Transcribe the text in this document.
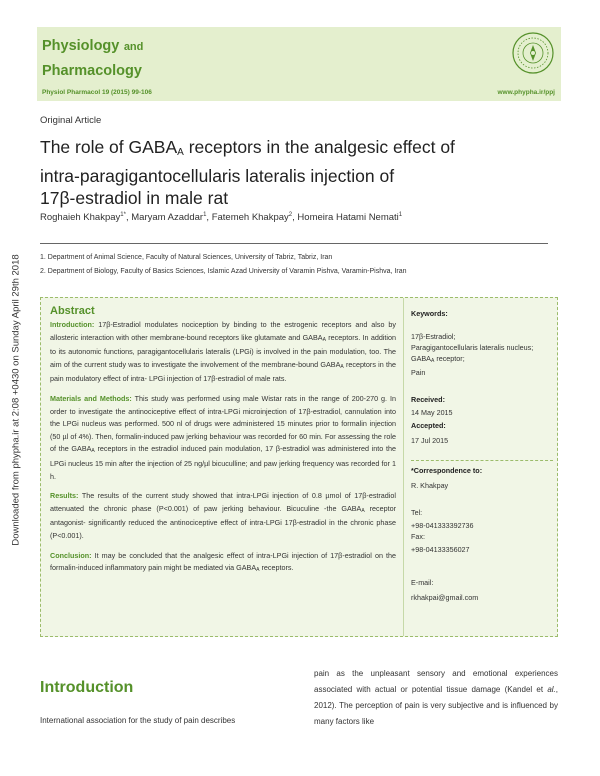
Physiology and
Pharmacology
Physiol Pharmacol 19 (2015) 99-106	www.phypha.ir/ppj
Downloaded from phypha.ir at 2:08 +0430 on Sunday April 29th 2018
Original Article
The role of $GABA_A$ receptors in the analgesic effect of
intra-paragigantocellularis lateralis injection of
17β-estradiol in male rat
Roghaieh Khakpay$^{1*}$, Maryam Azaddar$^1$, Fatemeh Khakpay$^2$, Homeira Hatami Nemati$^1$
1. Department of Animal Science, Faculty of Natural Sciences, University of Tabriz, Tabriz, Iran
2. Department of Biology, Faculty of Basics Sciences, Islamic Azad University of Varamin Pishva, Varamin-Pishva, Iran
Abstract

Introduction: 17β-Estradiol modulates nociception by binding to the estrogenic receptors and also by allosteric interaction with other membrane-bound receptors like glutamate and $GABA_A$ receptors. In addition to its autonomic functions, paragigantocellularis lateralis (LPGi) is involved in the pain modulation, too. The aim of the current study was to investigate the involvement of the membrane-bound $GABA_A$ receptors in the pain modulatory effect of intra- LPGi injection of 17β-estradiol of male rats.

Materials and Methods: This study was performed using male Wistar rats in the range of 200-270 g. In order to investigate the antinociceptive effect of intra-LPGi microinjection of 17β-estradiol, cannulation into the LPGi nucleus was performed. 500 nl of drugs were administered 15 minutes prior to formalin injection (50 µl of 4%). Then, formalin-induced paw jerking behaviour was recorded for 60 min. For assessing the role of the $GABA_A$ receptors in the estradiol induced pain modulation, 17 β-estradiol was administered into the LPGi nucleus 15 min after the injection of 25 ng/µl bicuculline; and paw jerking frequency was recorded for 1 h.

Results: The results of the current study showed that intra-LPGi injection of 0.8 µmol of 17β-estradiol attenuated the chronic phase (P<0.001) of paw jerking behaviour. Bicuculine -the $GABA_A$ receptor antagonist- significantly reduced the antinociceptive effect of intra-LPGi 17β-estradiol in the chronic phase (P<0.001).

Conclusion: It may be concluded that the analgesic effect of intra-LPGi injection of 17β-estradiol on the formalin-induced inflammatory pain might be mediated via $GABA_A$ receptors.

Keywords:
17β-Estradiol;
Paragigantocellularis lateralis nucleus;
$GABA_A$ receptor;
Pain
Received:
14 May 2015
Accepted:
17 Jul 2015
*Correspondence to:
R. Khakpay
Tel:
+98-041333392736
Fax:
+98-04133356027
E-mail:
rkhakpai@gmail.com
Introduction
International association for the study of pain describes
pain as the unpleasant sensory and emotional experiences associated with actual or potential tissue damage (Kandel et al., 2012). The perception of pain is very subjective and is influenced by many factors like
